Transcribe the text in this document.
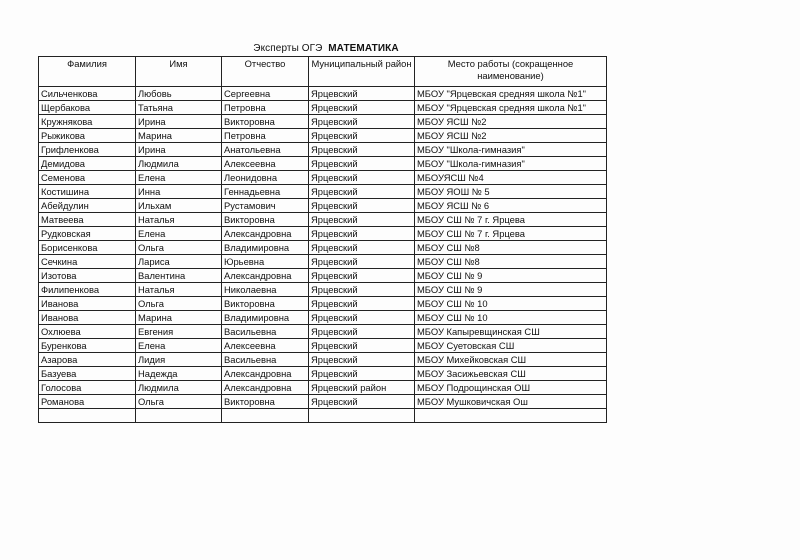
Эксперты ОГЭ МАТЕМАТИКА
Фамилия	Имя	Отчество	Муниципальный район	Место работы (сокращенное наименование)
Сильченкова	Любовь	Сергеевна	Ярцевский	МБОУ "Ярцевская средняя школа №1"
Щербакова	Татьяна	Петровна	Ярцевский	МБОУ "Ярцевская средняя школа №1"
Кружнякова	Ирина	Викторовна	Ярцевский	МБОУ ЯСШ №2
Рыжикова	Марина	Петровна	Ярцевский	МБОУ ЯСШ №2
Грифленкова	Ирина	Анатольевна	Ярцевский	МБОУ "Школа-гимназия"
Демидова	Людмила	Алексеевна	Ярцевский	МБОУ "Школа-гимназия"
Семенова	Елена	Леонидовна	Ярцевский	МБОУЯСШ №4
Костишина	Инна	Геннадьевна	Ярцевский	МБОУ ЯОШ № 5
Абейдулин	Ильхам	Рустамович	Ярцевский	МБОУ ЯСШ № 6
Матвеева	Наталья	Викторовна	Ярцевский	МБОУ СШ № 7 г. Ярцева
Рудковская	Елена	Александровна	Ярцевский	МБОУ СШ № 7 г. Ярцева
Борисенкова	Ольга	Владимировна	Ярцевский	МБОУ СШ №8
Сечкина	Лариса	Юрьевна	Ярцевский	МБОУ СШ №8
Изотова	Валентина	Александровна	Ярцевский	МБОУ СШ № 9
Филипенкова	Наталья	Николаевна	Ярцевский	МБОУ СШ № 9
Иванова	Ольга	Викторовна	Ярцевский	МБОУ СШ № 10
Иванова	Марина	Владимировна	Ярцевский	МБОУ СШ № 10
Охлюева	Евгения	Васильевна	Ярцевский	МБОУ Капыревщинская СШ
Буренкова	Елена	Алексеевна	Ярцевский	МБОУ Суетовская СШ
Азарова	Лидия	Васильевна	Ярцевский	МБОУ Михейковская СШ
Базуева	Надежда	Александровна	Ярцевский	МБОУ Засижьевская СШ
Голосова	Людмила	Александровна	Ярцевский район	МБОУ Подрощинская ОШ
Романова	Ольга	Викторовна	Ярцевский	МБОУ Мушковичская Ош
